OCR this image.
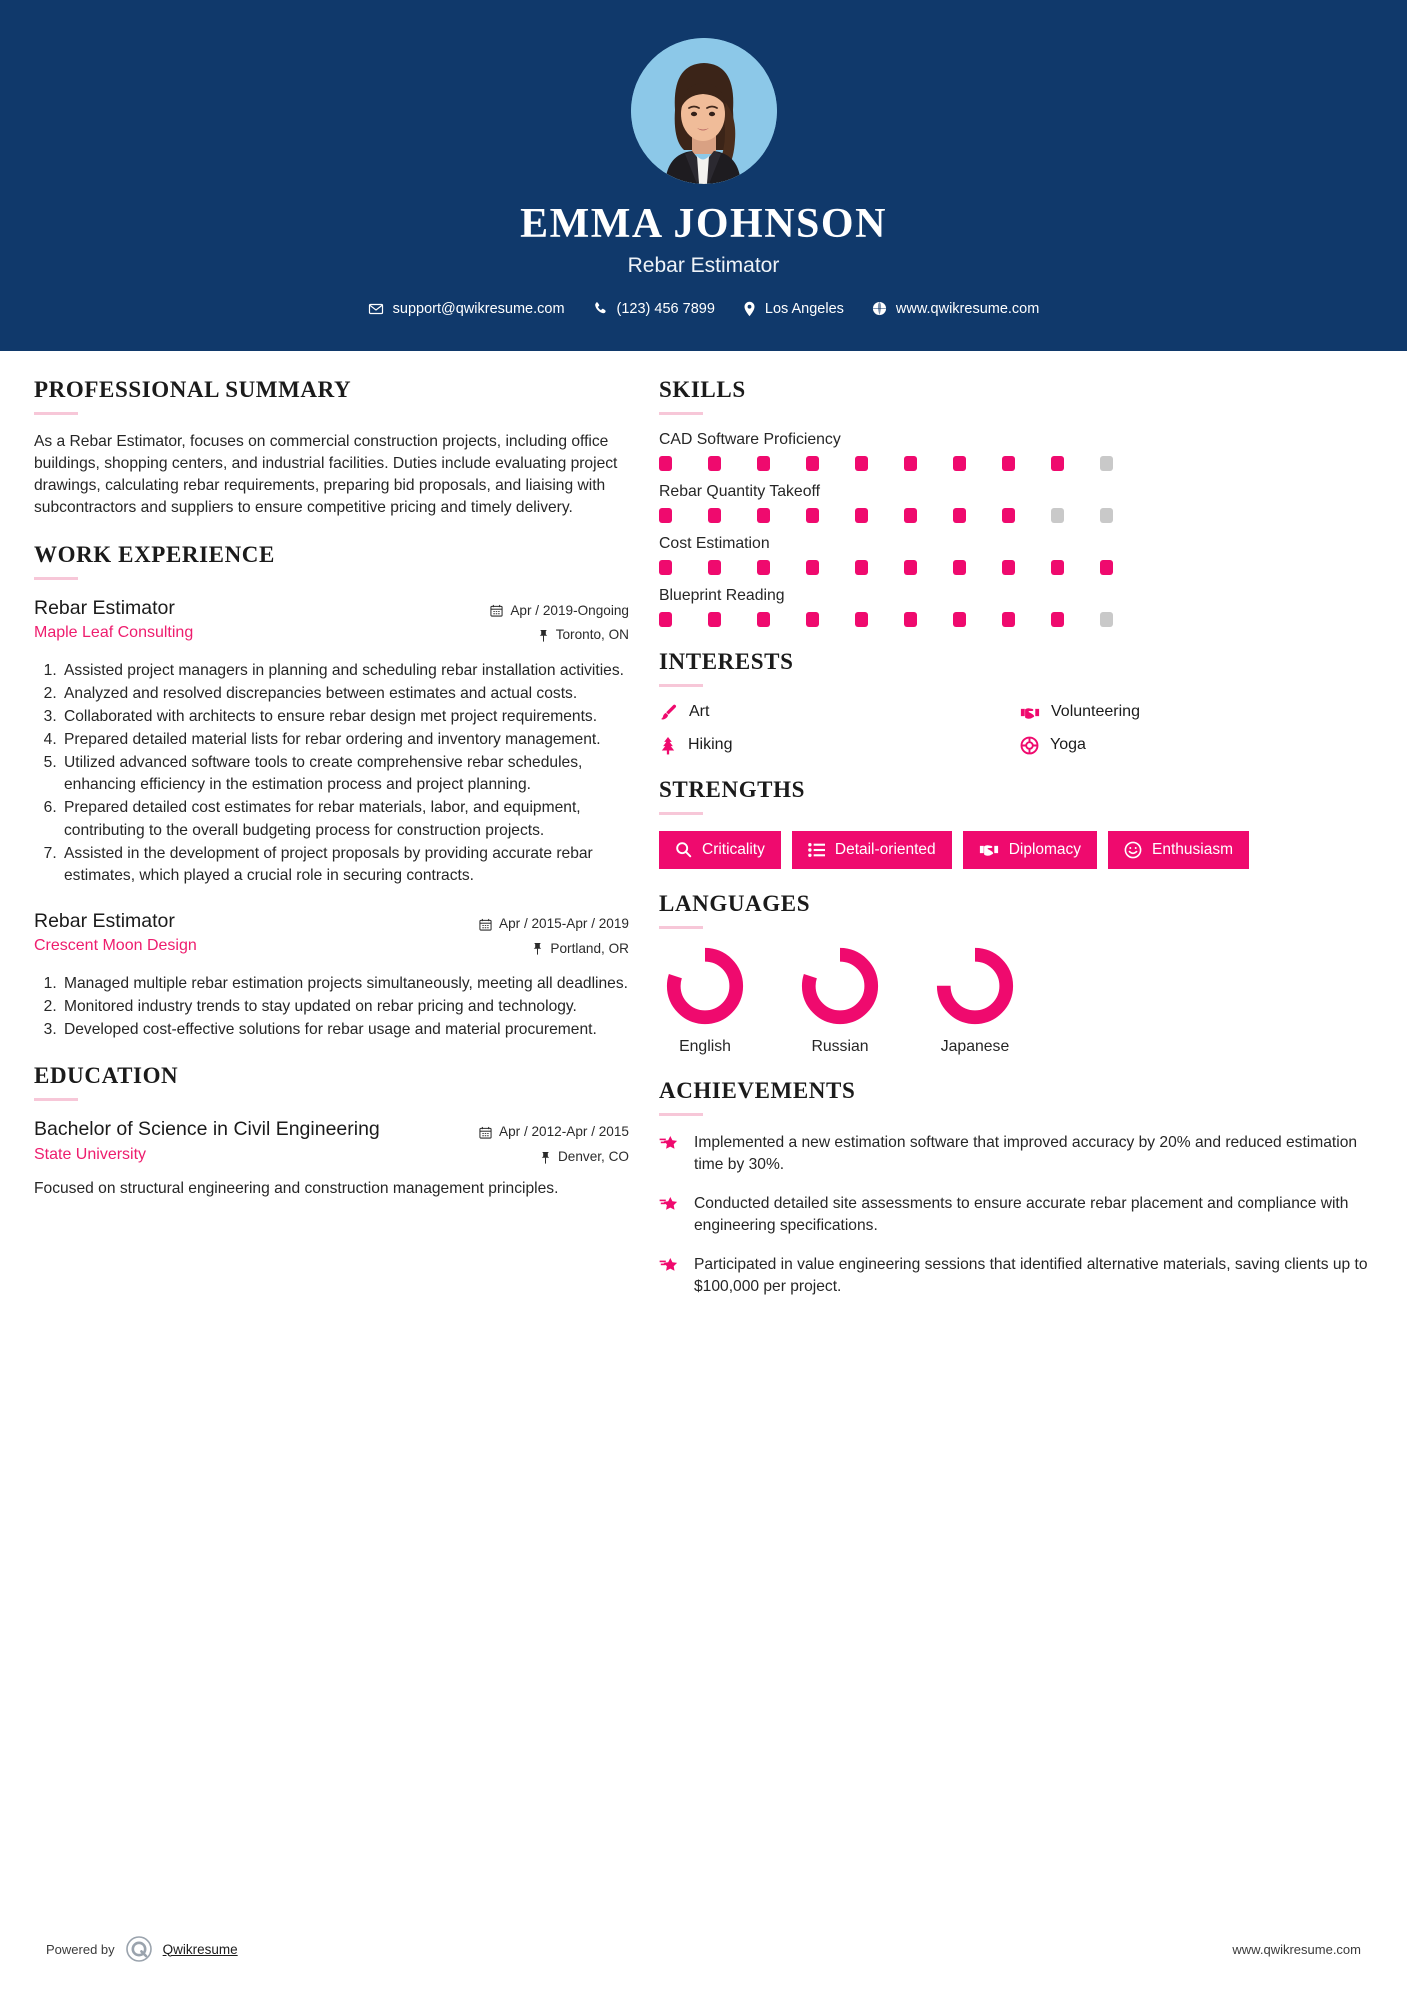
EMMA JOHNSON
Rebar Estimator
support@qwikresume.com	(123) 456 7899	Los Angeles	www.qwikresume.com
PROFESSIONAL SUMMARY
As a Rebar Estimator, focuses on commercial construction projects, including office buildings, shopping centers, and industrial facilities. Duties include evaluating project drawings, calculating rebar requirements, preparing bid proposals, and liaising with subcontractors and suppliers to ensure competitive pricing and timely delivery.
WORK EXPERIENCE
Rebar Estimator
Maple Leaf Consulting
Apr / 2019-Ongoing
Toronto, ON
1. Assisted project managers in planning and scheduling rebar installation activities.
2. Analyzed and resolved discrepancies between estimates and actual costs.
3. Collaborated with architects to ensure rebar design met project requirements.
4. Prepared detailed material lists for rebar ordering and inventory management.
5. Utilized advanced software tools to create comprehensive rebar schedules, enhancing efficiency in the estimation process and project planning.
6. Prepared detailed cost estimates for rebar materials, labor, and equipment, contributing to the overall budgeting process for construction projects.
7. Assisted in the development of project proposals by providing accurate rebar estimates, which played a crucial role in securing contracts.
Rebar Estimator
Crescent Moon Design
Apr / 2015-Apr / 2019
Portland, OR
1. Managed multiple rebar estimation projects simultaneously, meeting all deadlines.
2. Monitored industry trends to stay updated on rebar pricing and technology.
3. Developed cost-effective solutions for rebar usage and material procurement.
EDUCATION
Bachelor of Science in Civil Engineering
State University
Apr / 2012-Apr / 2015
Denver, CO
Focused on structural engineering and construction management principles.
SKILLS
CAD Software Proficiency
Rebar Quantity Takeoff
Cost Estimation
Blueprint Reading
INTERESTS
Art	Volunteering
Hiking	Yoga
STRENGTHS
Criticality	Detail-oriented	Diplomacy	Enthusiasm
LANGUAGES
English	Russian	Japanese
ACHIEVEMENTS
Implemented a new estimation software that improved accuracy by 20% and reduced estimation time by 30%.
Conducted detailed site assessments to ensure accurate rebar placement and compliance with engineering specifications.
Participated in value engineering sessions that identified alternative materials, saving clients up to $100,000 per project.
Powered by	Qwikresume	www.qwikresume.com
